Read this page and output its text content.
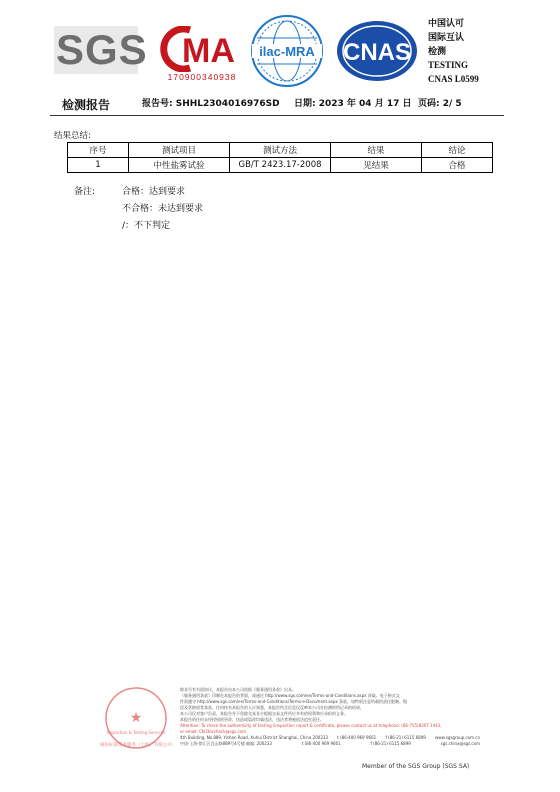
SGS MA
170900340938
ilac-MRA CNAS
中国认可
国际互认
检测
TESTING
CNAS L0599
检测报告	报告号: SHHL2304016976SD 日期: 2023 年 04 月 17 日 页码: 2/ 5
结果总结:
序号	测试项目	测试方法	结果	结论
1	中性盐雾试验	GB/T 2423.17-2008	见结果	合格
备注:	合格：达到要求
不合格：未达到要求
/：不下判定
★
Inspection & Testing Services
通标标准技术服务（上海）有限公司
除非另有书面协议，本报告由本公司依据《服务通用条款》出具。
（服务通用条款）印制在本报告的背面，或通过 http://www.sgs.com/en/Terms-and-Conditions.aspx 获取。电子格式文
件需遵守 http://www.sgs.com/en/Terms-and-Conditions/Terms-e-Document.aspx 条款，请特别注意所载的责任限制、赔
偿及管辖权等条款。任何持有本报告的人应知悉，本报告所含信息仅反映本公司在检测时所记录的结果，
本公司仅对客户负责，本报告并不免除交易各方根据交易文件所应享有的权利和应承担的义务。
本报告的任何未经授权的更改、伪造或篡改均属违法，违法者将被依法追究责任。
Attention: To check the authenticity of testing /inspection report & certificate, please contact us at telephone: (86-755)8307 1443,
or email: CN.Doccheck@sgs.com
4th Building, No.889, Yishan Road, Xuhui District Shanghai, China 200233 t (86-400 969 9661 f (86-21) 6115 6899 www.sgsgroup.com.cn
中国·上海·徐汇区宜山路889号4号楼 邮编: 200233	t (86-400 969 9661	f (86-21) 6115 6899	sgs.china@sgs.com
Member of the SGS Group (SGS SA)
